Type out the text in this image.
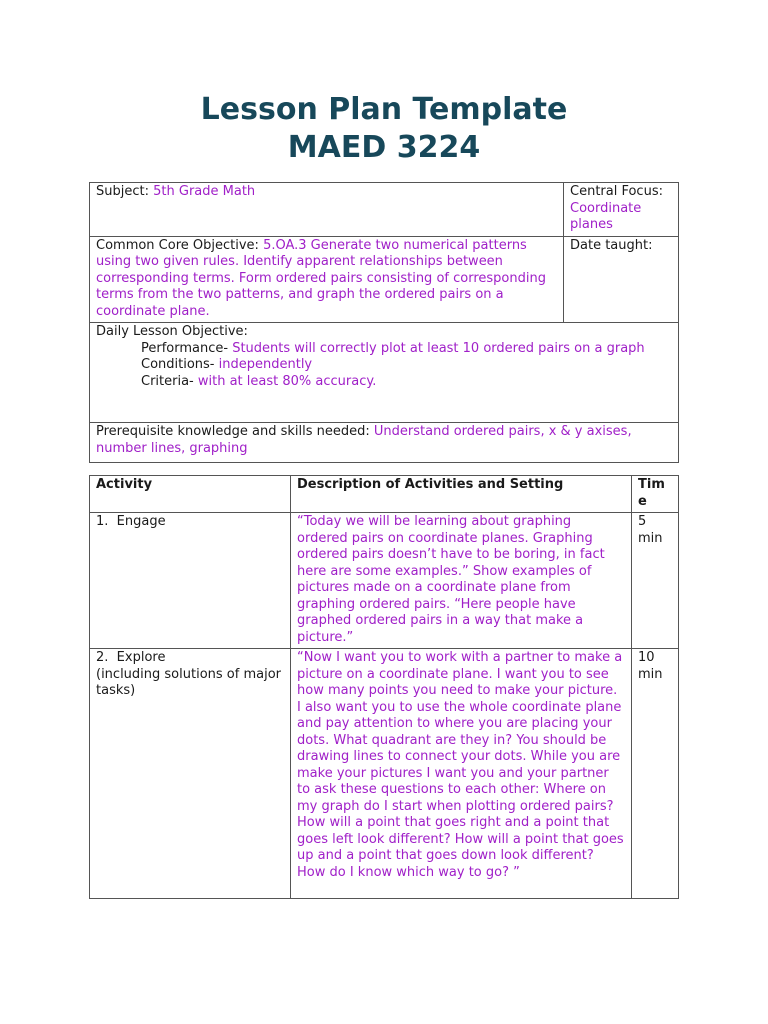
Lesson Plan Template
MAED 3224
Subject: 5th Grade Math	Central Focus:
Coordinate planes
Common Core Objective: 5.OA.3 Generate two numerical patterns using two given rules. Identify apparent relationships between corresponding terms. Form ordered pairs consisting of corresponding terms from the two patterns, and graph the ordered pairs on a coordinate plane.	Date taught:
Daily Lesson Objective:
Performance- Students will correctly plot at least 10 ordered pairs on a graph
Conditions- independently
Criteria- with at least 80% accuracy.	

Prerequisite knowledge and skills needed: Understand ordered pairs, x & y axises, number lines, graphing	
Activity	Description of Activities and Setting	Time
1.  Engage	“Today we will be learning about graphing ordered pairs on coordinate planes. Graphing ordered pairs doesn’t have to be boring, in fact here are some examples.” Show examples of pictures made on a coordinate plane from graphing ordered pairs. “Here people have graphed ordered pairs in a way that make a picture.”	5 min
2.  Explore
(including solutions of major tasks)	“Now I want you to work with a partner to make a picture on a coordinate plane. I want you to see how many points you need to make your picture. I also want you to use the whole coordinate plane and pay attention to where you are placing your dots. What quadrant are they in? You should be drawing lines to connect your dots. While you are make your pictures I want you and your partner to ask these questions to each other: Where on my graph do I start when plotting ordered pairs? How will a point that goes right and a point that goes left look different? How will a point that goes up and a point that goes down look different? How do I know which way to go? ”	10 min
